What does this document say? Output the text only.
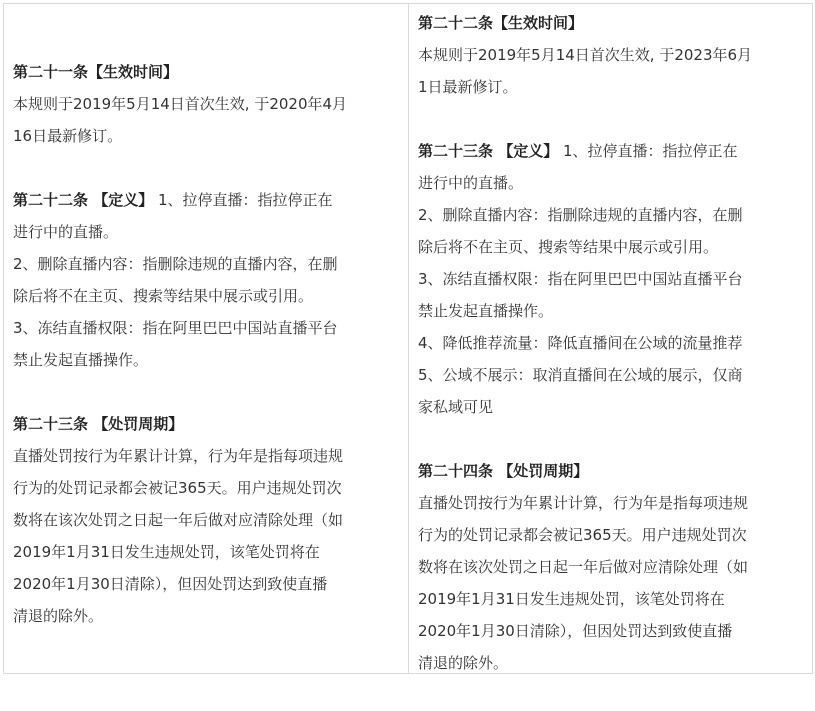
第二十一条【生效时间】
本规则于2019年5月14日首次生效, 于2020年4月
16日最新修订。
第二十二条 【定义】 1、拉停直播：指拉停正在
进行中的直播。
2、删除直播内容：指删除违规的直播内容，在删
除后将不在主页、搜索等结果中展示或引用。
3、冻结直播权限：指在阿里巴巴中国站直播平台
禁止发起直播操作。
第二十三条 【处罚周期】
直播处罚按行为年累计计算，行为年是指每项违规
行为的处罚记录都会被记365天。用户违规处罚次
数将在该次处罚之日起一年后做对应清除处理（如
2019年1月31日发生违规处罚，该笔处罚将在
2020年1月30日清除），但因处罚达到致使直播
清退的除外。
第二十二条【生效时间】
本规则于2019年5月14日首次生效, 于2023年6月
1日最新修订。
第二十三条 【定义】 1、拉停直播：指拉停正在
进行中的直播。
2、删除直播内容：指删除违规的直播内容，在删
除后将不在主页、搜索等结果中展示或引用。
3、冻结直播权限：指在阿里巴巴中国站直播平台
禁止发起直播操作。
4、降低推荐流量：降低直播间在公域的流量推荐
5、公域不展示：取消直播间在公域的展示，仅商
家私域可见
第二十四条 【处罚周期】
直播处罚按行为年累计计算，行为年是指每项违规
行为的处罚记录都会被记365天。用户违规处罚次
数将在该次处罚之日起一年后做对应清除处理（如
2019年1月31日发生违规处罚，该笔处罚将在
2020年1月30日清除），但因处罚达到致使直播
清退的除外。
